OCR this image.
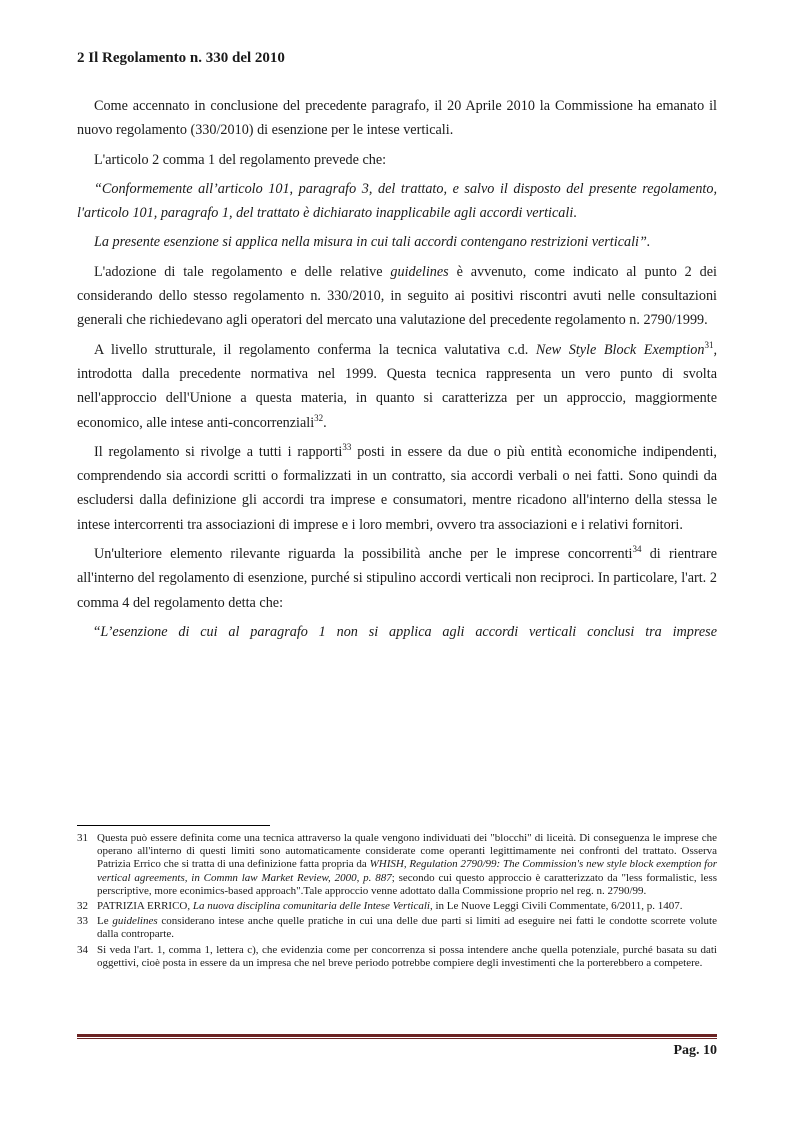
2 Il Regolamento n. 330 del 2010

Come accennato in conclusione del precedente paragrafo, il 20 Aprile 2010 la Commissione ha emanato il nuovo regolamento (330/2010) di esenzione per le intese verticali.

L'articolo 2 comma 1 del regolamento prevede che:

“Conformemente all’articolo 101, paragrafo 3, del trattato, e salvo il disposto del presente regolamento, l'articolo 101, paragrafo 1, del trattato è dichiarato inapplicabile agli accordi verticali.

La presente esenzione si applica nella misura in cui tali accordi contengano restrizioni verticali”.

L'adozione di tale regolamento e delle relative guidelines è avvenuto, come indicato al punto 2 dei considerando dello stesso regolamento n. 330/2010, in seguito ai positivi riscontri avuti nelle consultazioni generali che richiedevano agli operatori del mercato una valutazione del precedente regolamento n. 2790/1999.

A livello strutturale, il regolamento conferma la tecnica valutativa c.d. New Style Block Exemption$^{31}$, introdotta dalla precedente normativa nel 1999. Questa tecnica rappresenta un vero punto di svolta nell'approccio dell'Unione a questa materia, in quanto si caratterizza per un approccio, maggiormente economico, alle intese anti-concorrenziali$^{32}$.

Il regolamento si rivolge a tutti i rapporti$^{33}$ posti in essere da due o più entità economiche indipendenti, comprendendo sia accordi scritti o formalizzati in un contratto, sia accordi verbali o nei fatti. Sono quindi da escludersi dalla definizione gli accordi tra imprese e consumatori, mentre ricadono all'interno della stessa le intese intercorrenti tra associazioni di imprese e i loro membri, ovvero tra associazioni e i relativi fornitori.

Un'ulteriore elemento rilevante riguarda la possibilità anche per le imprese concorrenti$^{34}$ di rientrare all'interno del regolamento di esenzione, purché si stipulino accordi verticali non reciproci. In particolare, l'art. 2 comma 4 del regolamento detta che:

“L’esenzione di cui al paragrafo 1 non si applica agli accordi verticali conclusi tra imprese

31 Questa può essere definita come una tecnica attraverso la quale vengono individuati dei "blocchi" di liceità. Di conseguenza le imprese che operano all'interno di questi limiti sono automaticamente considerate come operanti legittimamente nei confronti del trattato. Osserva Patrizia Errico che si tratta di una definizione fatta propria da WHISH, Regulation 2790/99: The Commission's new style block exemption for vertical agreements, in Commn law Market Review, 2000, p. 887; secondo cui questo approccio è caratterizzato da "less formalistic, less perscriptive, more econimics-based approach".Tale approccio venne adottato dalla Commissione proprio nel reg. n. 2790/99.
32 PATRIZIA ERRICO, La nuova disciplina comunitaria delle Intese Verticali, in Le Nuove Leggi Civili Commentate, 6/2011, p. 1407.
33 Le guidelines considerano intese anche quelle pratiche in cui una delle due parti si limiti ad eseguire nei fatti le condotte scorrete volute dalla controparte.
34 Si veda l'art. 1, comma 1, lettera c), che evidenzia come per concorrenza si possa intendere anche quella potenziale, purché basata su dati oggettivi, cioè posta in essere da un impresa che nel breve periodo potrebbe compiere degli investimenti che la porterebbero a competere.
Pag. 10
